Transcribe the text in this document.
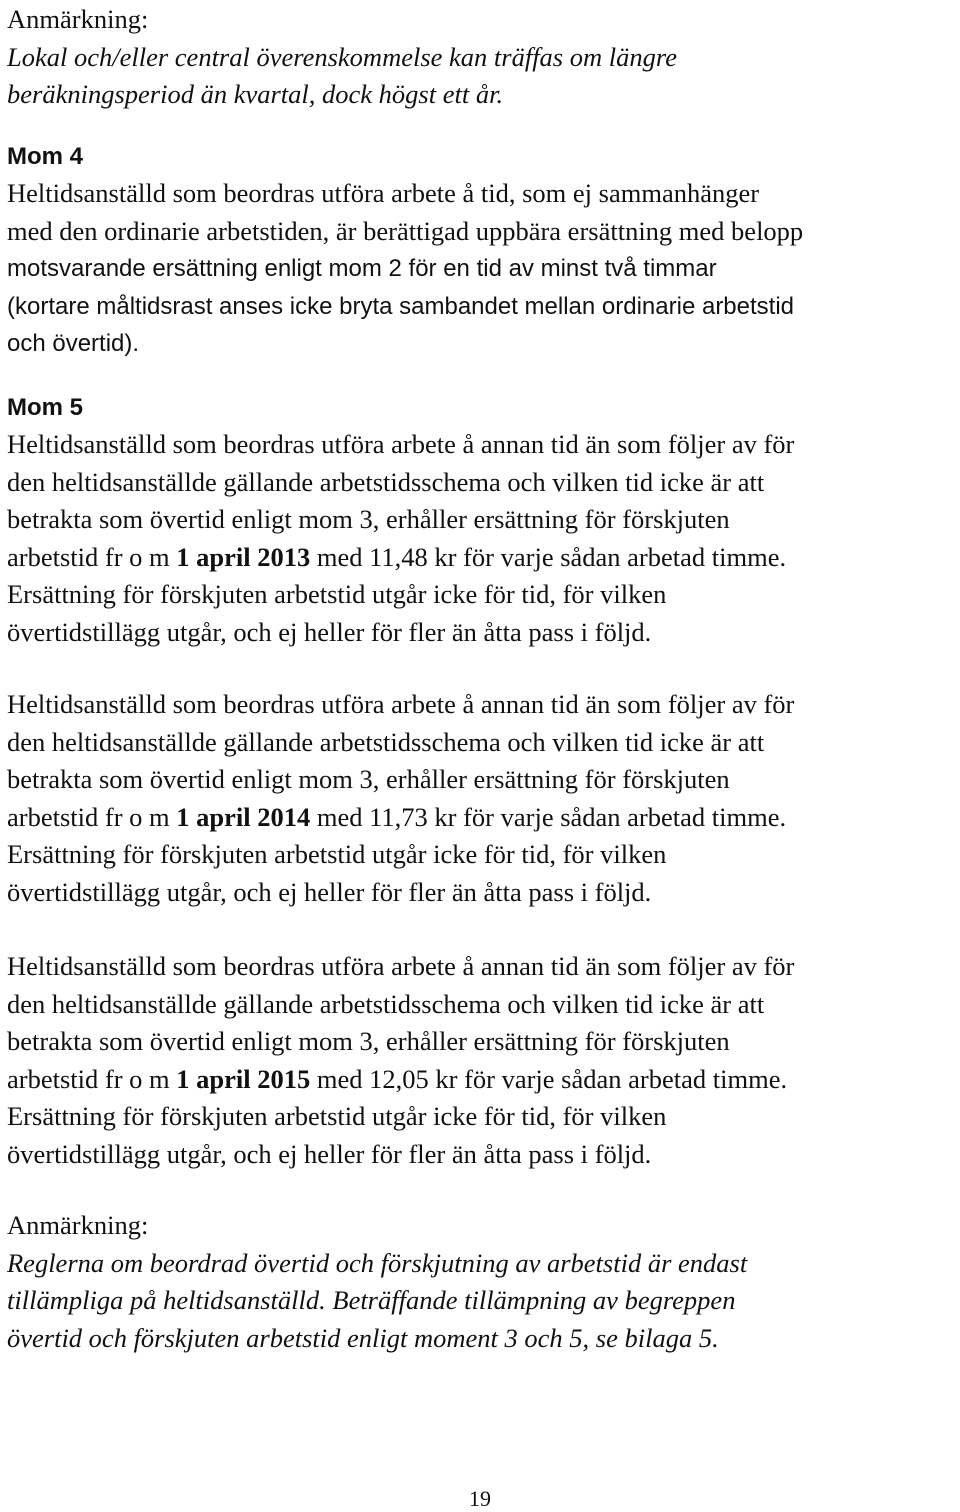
Anmärkning:
Lokal och/eller central överenskommelse kan träffas om längre
beräkningsperiod än kvartal, dock högst ett år.
Mom 4
Heltidsanställd som beordras utföra arbete å tid, som ej sammanhänger
med den ordinarie arbetstiden, är berättigad uppbära ersättning med belopp
motsvarande ersättning enligt mom 2 för en tid av minst två timmar
(kortare måltidsrast anses icke bryta sambandet mellan ordinarie arbetstid
och övertid).
Mom 5
Heltidsanställd som beordras utföra arbete å annan tid än som följer av för
den heltidsanställde gällande arbetstidsschema och vilken tid icke är att
betrakta som övertid enligt mom 3, erhåller ersättning för förskjuten
arbetstid fr o m 1 april 2013 med 11,48 kr för varje sådan arbetad timme.
Ersättning för förskjuten arbetstid utgår icke för tid, för vilken
övertidstillägg utgår, och ej heller för fler än åtta pass i följd.
Heltidsanställd som beordras utföra arbete å annan tid än som följer av för
den heltidsanställde gällande arbetstidsschema och vilken tid icke är att
betrakta som övertid enligt mom 3, erhåller ersättning för förskjuten
arbetstid fr o m 1 april 2014 med 11,73 kr för varje sådan arbetad timme.
Ersättning för förskjuten arbetstid utgår icke för tid, för vilken
övertidstillägg utgår, och ej heller för fler än åtta pass i följd.
Heltidsanställd som beordras utföra arbete å annan tid än som följer av för
den heltidsanställde gällande arbetstidsschema och vilken tid icke är att
betrakta som övertid enligt mom 3, erhåller ersättning för förskjuten
arbetstid fr o m 1 april 2015 med 12,05 kr för varje sådan arbetad timme.
Ersättning för förskjuten arbetstid utgår icke för tid, för vilken
övertidstillägg utgår, och ej heller för fler än åtta pass i följd.
Anmärkning:
Reglerna om beordrad övertid och förskjutning av arbetstid är endast
tillämpliga på heltidsanställd. Beträffande tillämpning av begreppen
övertid och förskjuten arbetstid enligt moment 3 och 5, se bilaga 5.
19
